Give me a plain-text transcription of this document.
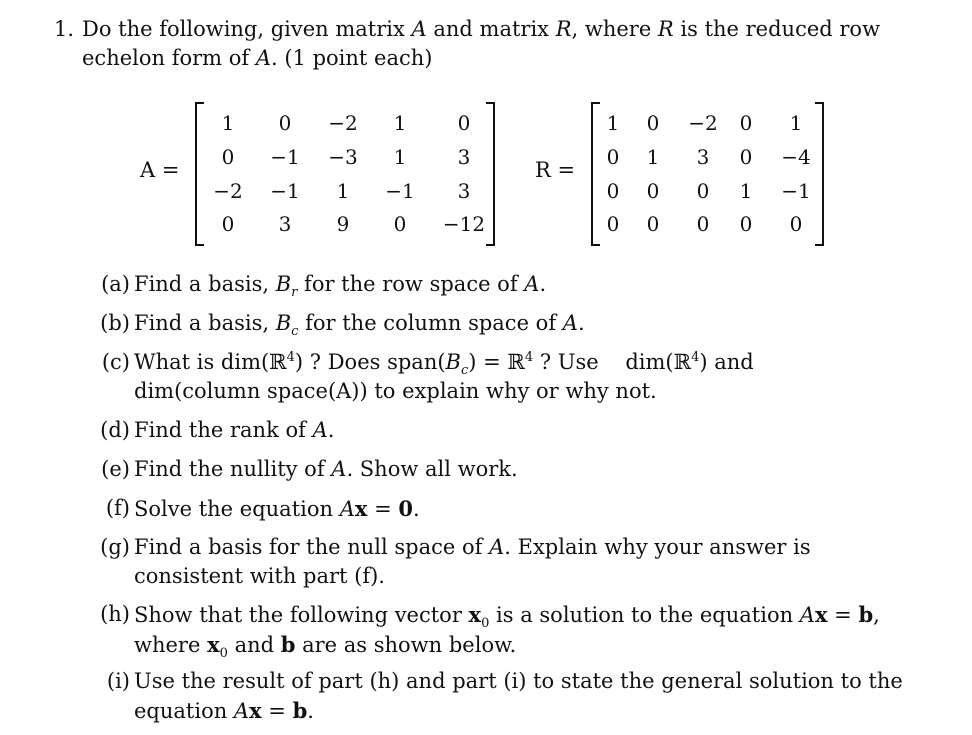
1. Do the following, given matrix A and matrix R, where R is the reduced row
echelon form of A. (1 point each)
A =
1 0 −2 1	0
0 −1 −3 1	3
−2 −1 1 −1 3
0 3 9 0 −12
R =
1 0 −2 0 1
0 1 3 0 −4
0 0 0 1 −1
0 0 0 0 0
(a) Find a basis, $B_r$ for the row space of A.
(b) Find a basis, $B_c$ for the column space of A.
(c) What is dim(ℝ$^4$) ? Does $span(B_c)$ = ℝ$^4$ ? Use    dim(ℝ$^4$) and
dim(column space(A)) to explain why or why not.
(d) Find the rank of A.
(e) Find the nullity of A. Show all work.
(f) Solve the equation Ax = 0.
(g) Find a basis for the null space of A. Explain why your answer is
consistent with part (f).
(h) Show that the following vector $x_0$ is a solution to the equation Ax = b,
where $x_0$ and b are as shown below.
(i) Use the result of part (h) and part (i) to state the general solution to the
equation Ax = b.
